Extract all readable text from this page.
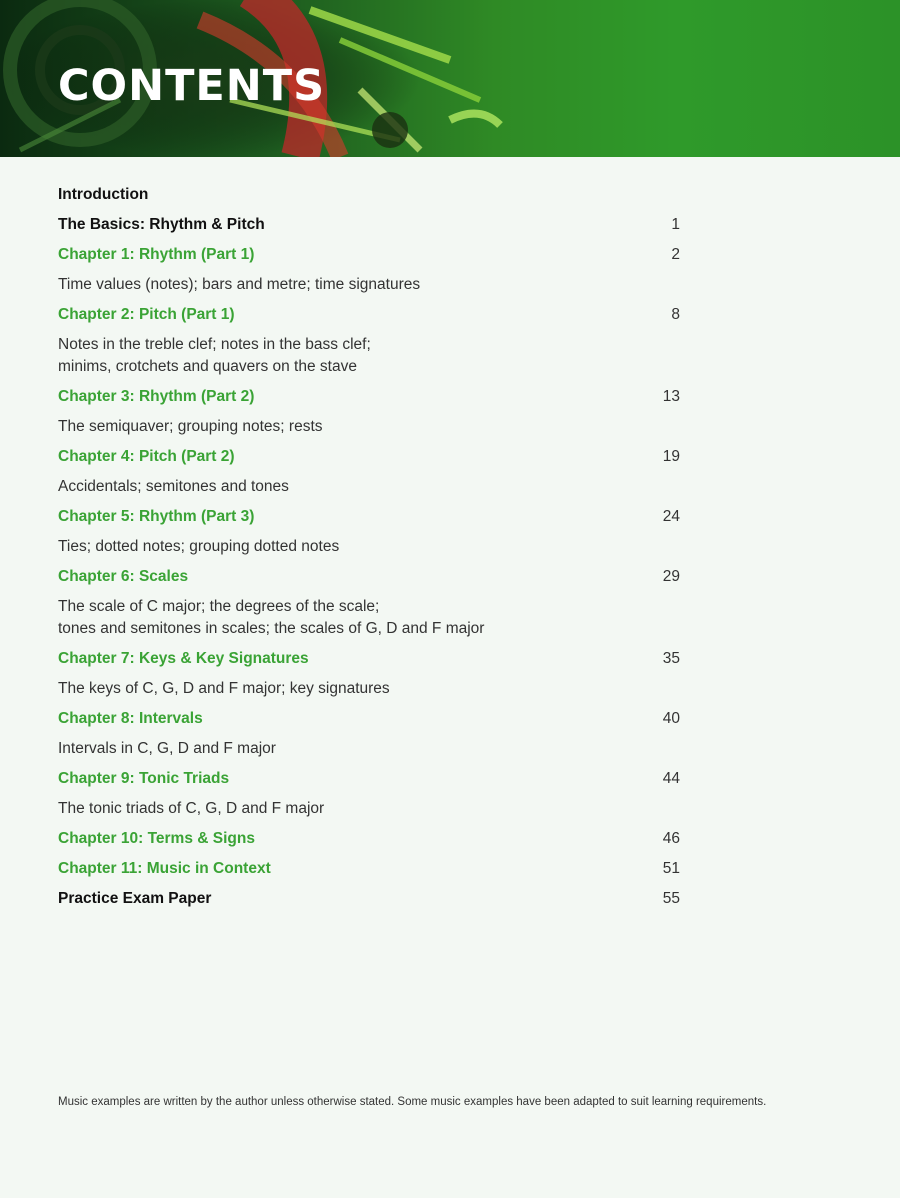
CONTENTS
Introduction
The Basics: Rhythm & Pitch	1
Chapter 1: Rhythm (Part 1)	2
Time values (notes); bars and metre; time signatures
Chapter 2: Pitch (Part 1)	8
Notes in the treble clef; notes in the bass clef;
minims, crotchets and quavers on the stave
Chapter 3: Rhythm (Part 2)	13
The semiquaver; grouping notes; rests
Chapter 4: Pitch (Part 2)	19
Accidentals; semitones and tones
Chapter 5: Rhythm (Part 3)	24
Ties; dotted notes; grouping dotted notes
Chapter 6: Scales	29
The scale of C major; the degrees of the scale;
tones and semitones in scales; the scales of G, D and F major
Chapter 7: Keys & Key Signatures	35
The keys of C, G, D and F major; key signatures
Chapter 8: Intervals	40
Intervals in C, G, D and F major
Chapter 9: Tonic Triads	44
The tonic triads of C, G, D and F major
Chapter 10: Terms & Signs	46
Chapter 11: Music in Context	51
Practice Exam Paper	55
Music examples are written by the author unless otherwise stated. Some music examples have been adapted to suit learning requirements.
